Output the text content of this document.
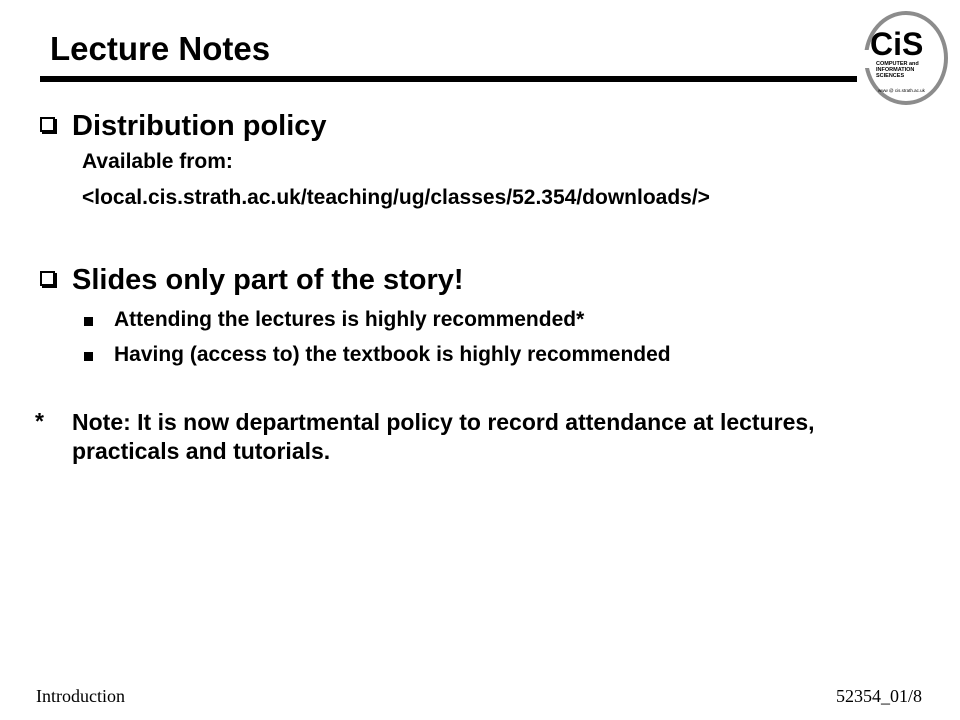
Lecture Notes	CiS
COMPUTER and
INFORMATION
SCIENCES
www @ cis.strath.ac.uk
Distribution policy
Available from:
<local.cis.strath.ac.uk/teaching/ug/classes/52.354/downloads/>
Slides only part of the story!
Attending the lectures is highly recommended*
Having (access to) the textbook is highly recommended
* Note: It is now departmental policy to record attendance at lectures, practicals and tutorials.
Introduction	52354_01/8
